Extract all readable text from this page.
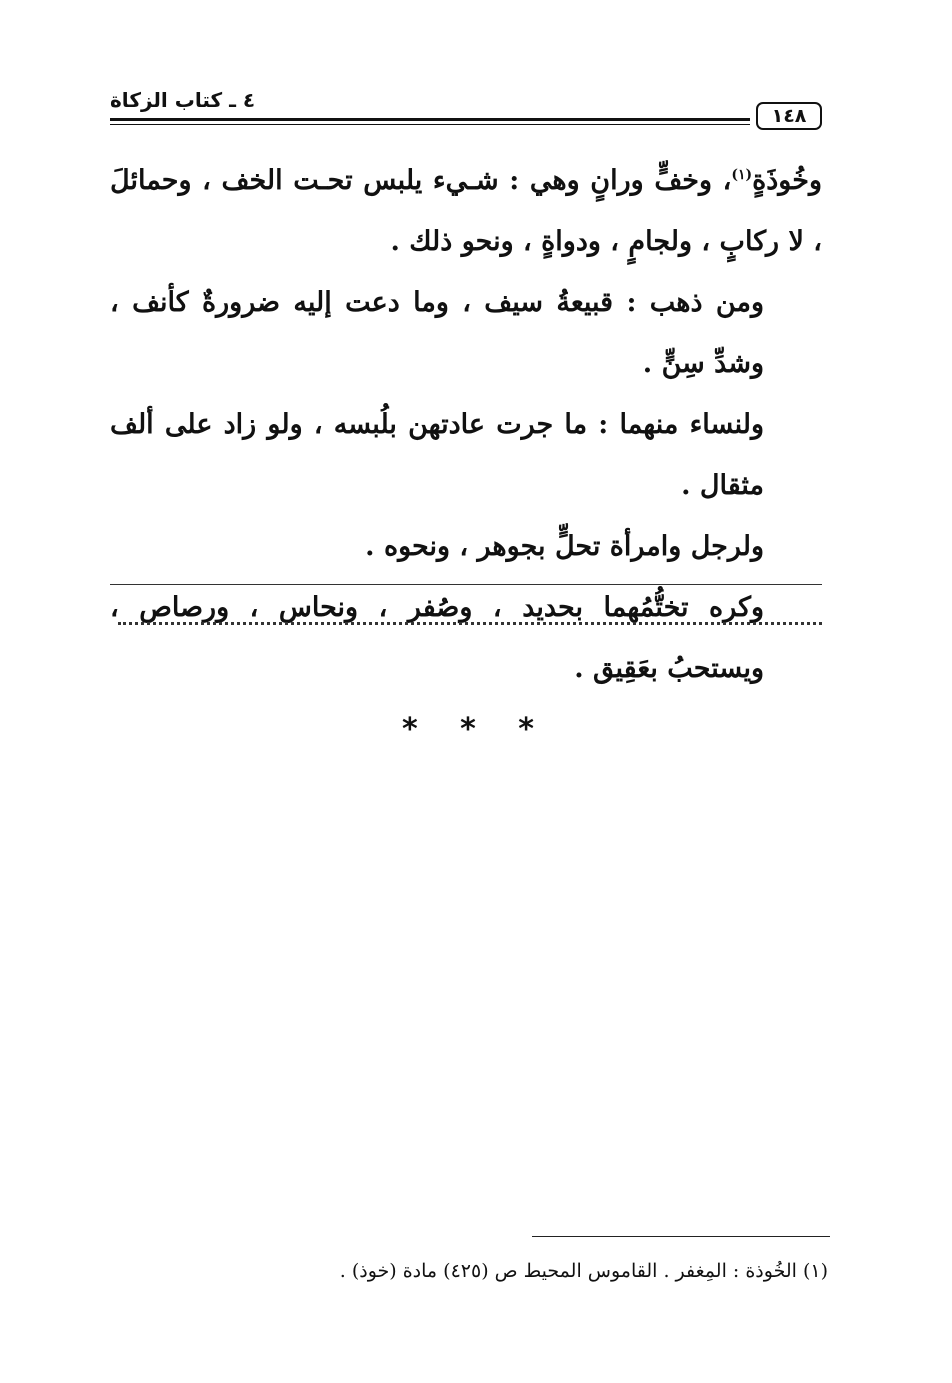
٤ ـ كتاب الزكاة
١٤٨

وخُوذَةٍ$^{(١)}$، وخفٍّ ورانٍ وهي : شـيء يلبس تحـت الخف ، وحمائلَ ، لا ركابٍ ، ولجامٍ ، ودواةٍ ، ونحو ذلك .

ومن ذهب : قبيعةُ سيف ، وما دعت إليه ضرورةٌ كأنف ، وشدِّ سِنٍّ .

ولنساء منهما : ما جرت عادتهن بلُبسه ، ولو زاد على ألف مثقال .

ولرجل وامرأة تحلٍّ بجوهر ، ونحوه .

وكره تختُّمُهما بحديد ، وصُفر ، ونحاس ، ورصاص ، ويستحبُ بعَقِيق .

* * *
(١) الخُوذة : المِغفر . القاموس المحيط ص (٤٢٥) مادة (خوذ) .
